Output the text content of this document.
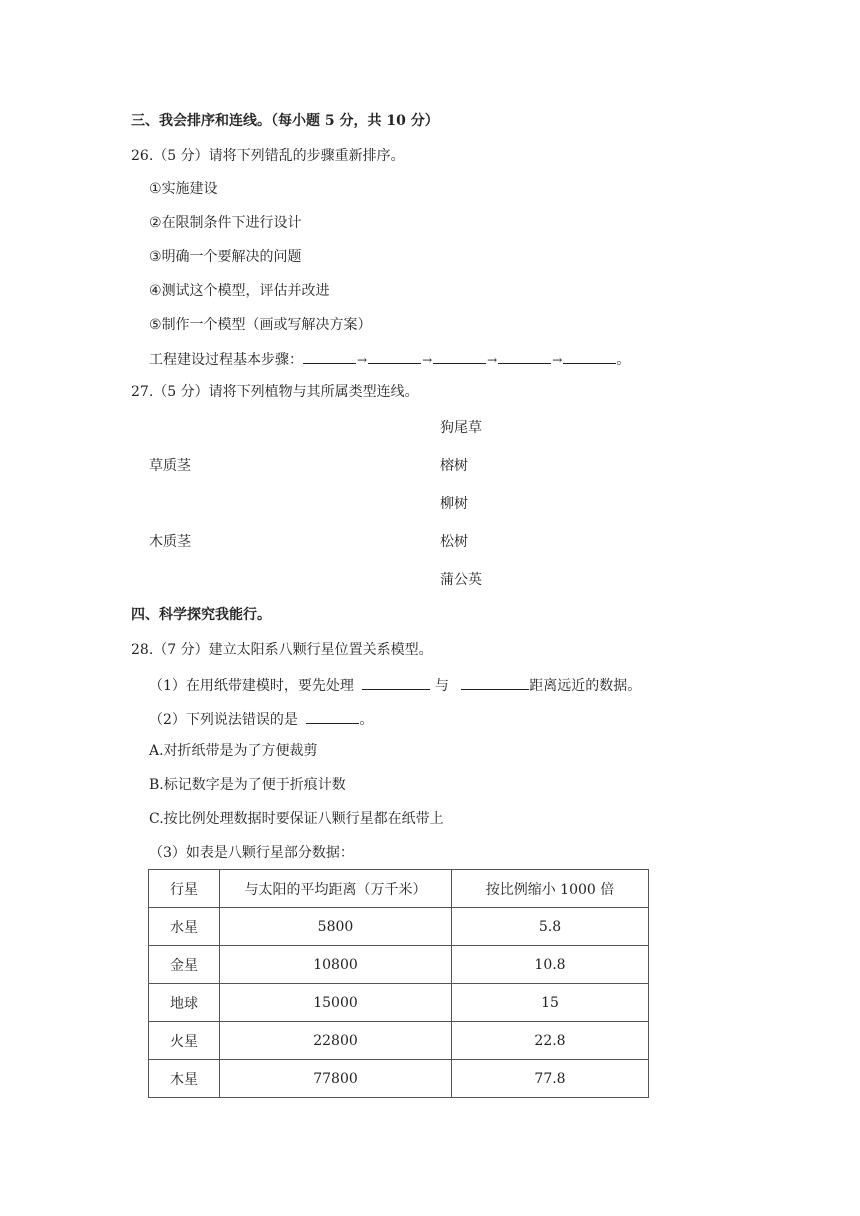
三、我会排序和连线。（每小题 5 分，共 10 分）
26.（5 分）请将下列错乱的步骤重新排序。
①实施建设
②在限制条件下进行设计
③明确一个要解决的问题
④测试这个模型，评估并改进
⑤制作一个模型（画或写解决方案）
工程建设过程基本步骤：	→	→	→	→	。
27.（5 分）请将下列植物与其所属类型连线。
狗尾草
草质茎	榕树
柳树
木质茎	松树
蒲公英
四、科学探究我能行。
28.（7 分）建立太阳系八颗行星位置关系模型。
（1）在用纸带建模时，要先处理	与	距离远近的数据。
（2）下列说法错误的是	。
A.对折纸带是为了方便裁剪
B.标记数字是为了便于折痕计数
C.按比例处理数据时要保证八颗行星都在纸带上
（3）如表是八颗行星部分数据：
行星	与太阳的平均距离（万千米）	按比例缩小 1000 倍
水星	5800	5.8
金星	10800	10.8
地球	15000	15
火星	22800	22.8
木星	77800	77.8
